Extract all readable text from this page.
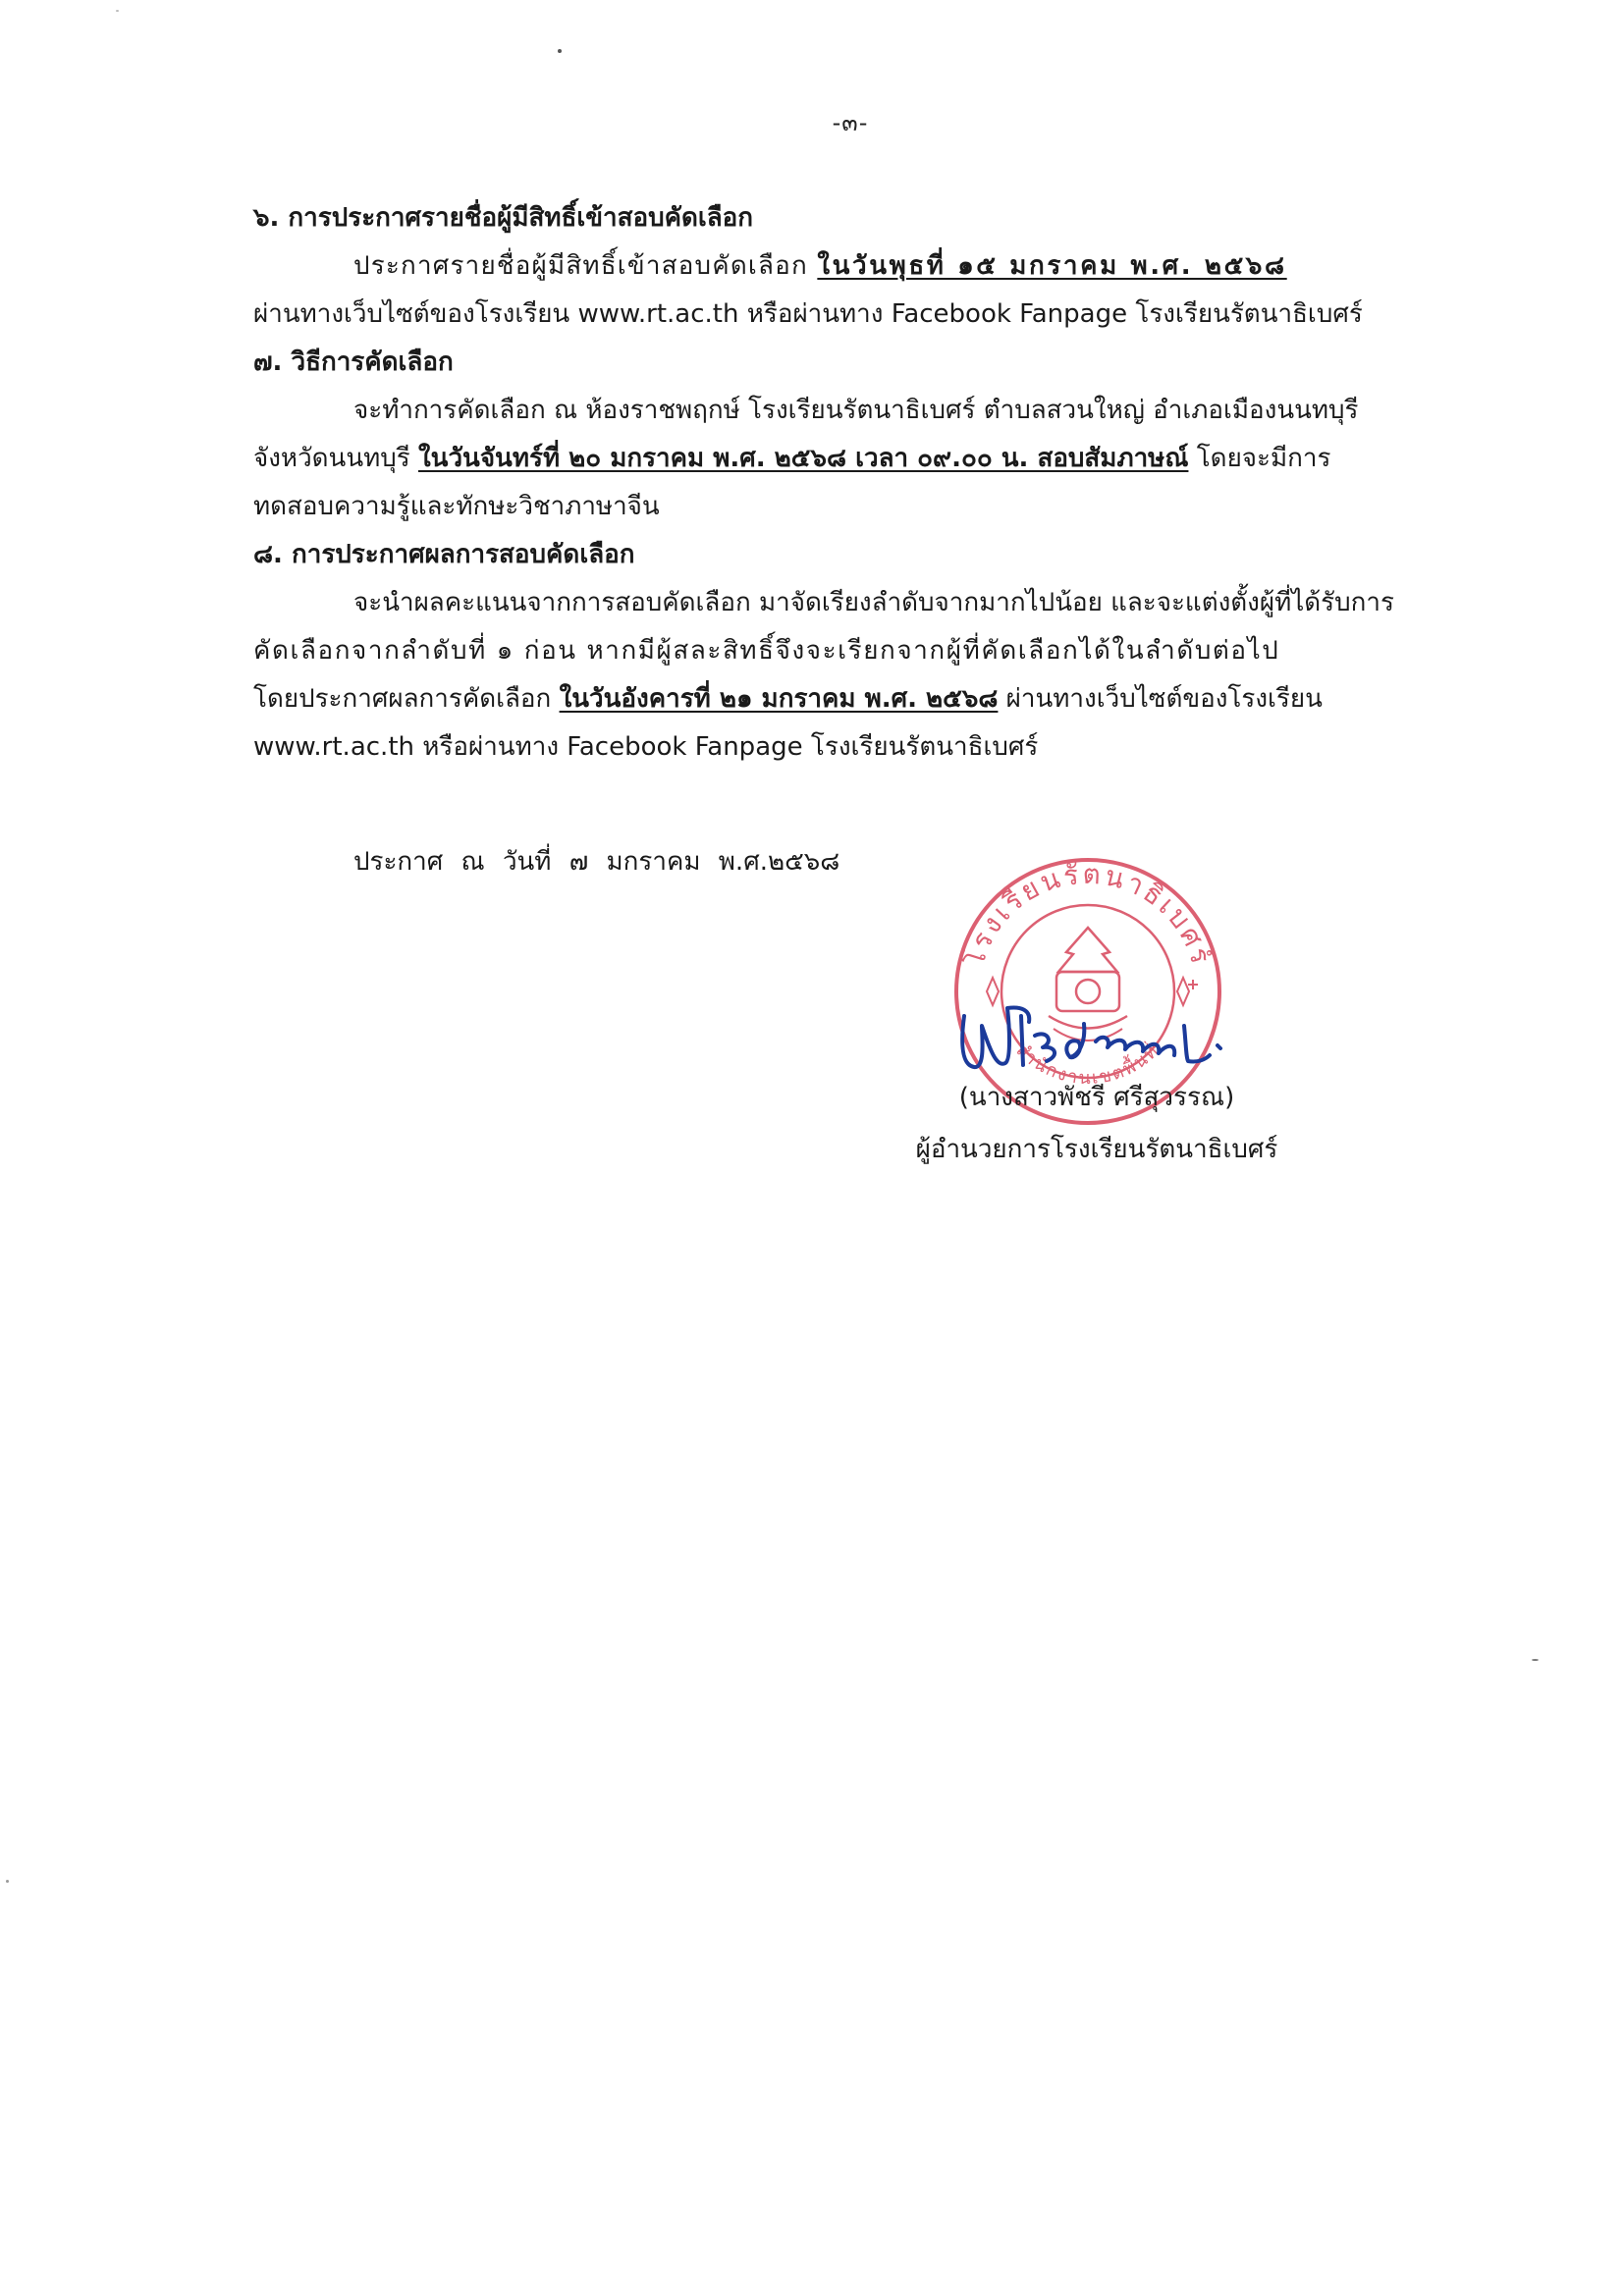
-๓-
๖. การประกาศรายชื่อผู้มีสิทธิ์เข้าสอบคัดเลือก
ประกาศรายชื่อผู้มีสิทธิ์เข้าสอบคัดเลือก ในวันพุธที่ ๑๕ มกราคม พ.ศ. ๒๕๖๘
ผ่านทางเว็บไซต์ของโรงเรียน www.rt.ac.th หรือผ่านทาง Facebook Fanpage โรงเรียนรัตนาธิเบศร์
๗. วิธีการคัดเลือก
จะทำการคัดเลือก ณ ห้องราชพฤกษ์ โรงเรียนรัตนาธิเบศร์ ตำบลสวนใหญ่ อำเภอเมืองนนทบุรี
จังหวัดนนทบุรี ในวันจันทร์ที่ ๒๐ มกราคม พ.ศ. ๒๕๖๘ เวลา ๐๙.๐๐ น. สอบสัมภาษณ์ โดยจะมีการ
ทดสอบความรู้และทักษะวิชาภาษาจีน
๘. การประกาศผลการสอบคัดเลือก
จะนำผลคะแนนจากการสอบคัดเลือก มาจัดเรียงลำดับจากมากไปน้อย และจะแต่งตั้งผู้ที่ได้รับการ
คัดเลือกจากลำดับที่ ๑ ก่อน หากมีผู้สละสิทธิ์จึงจะเรียกจากผู้ที่คัดเลือกได้ในลำดับต่อไป
โดยประกาศผลการคัดเลือก ในวันอังคารที่ ๒๑ มกราคม พ.ศ. ๒๕๖๘ ผ่านทางเว็บไซต์ของโรงเรียน
www.rt.ac.th หรือผ่านทาง Facebook Fanpage โรงเรียนรัตนาธิเบศร์
ประกาศ ณ วันที่ ๗ มกราคม พ.ศ.๒๕๖๘
โรงเรียนรัตนาธิเบศร์
สำนักงานเขตพื้นที่
(นางสาวพัชรี ศรีสุวรรณ)
ผู้อำนวยการโรงเรียนรัตนาธิเบศร์
